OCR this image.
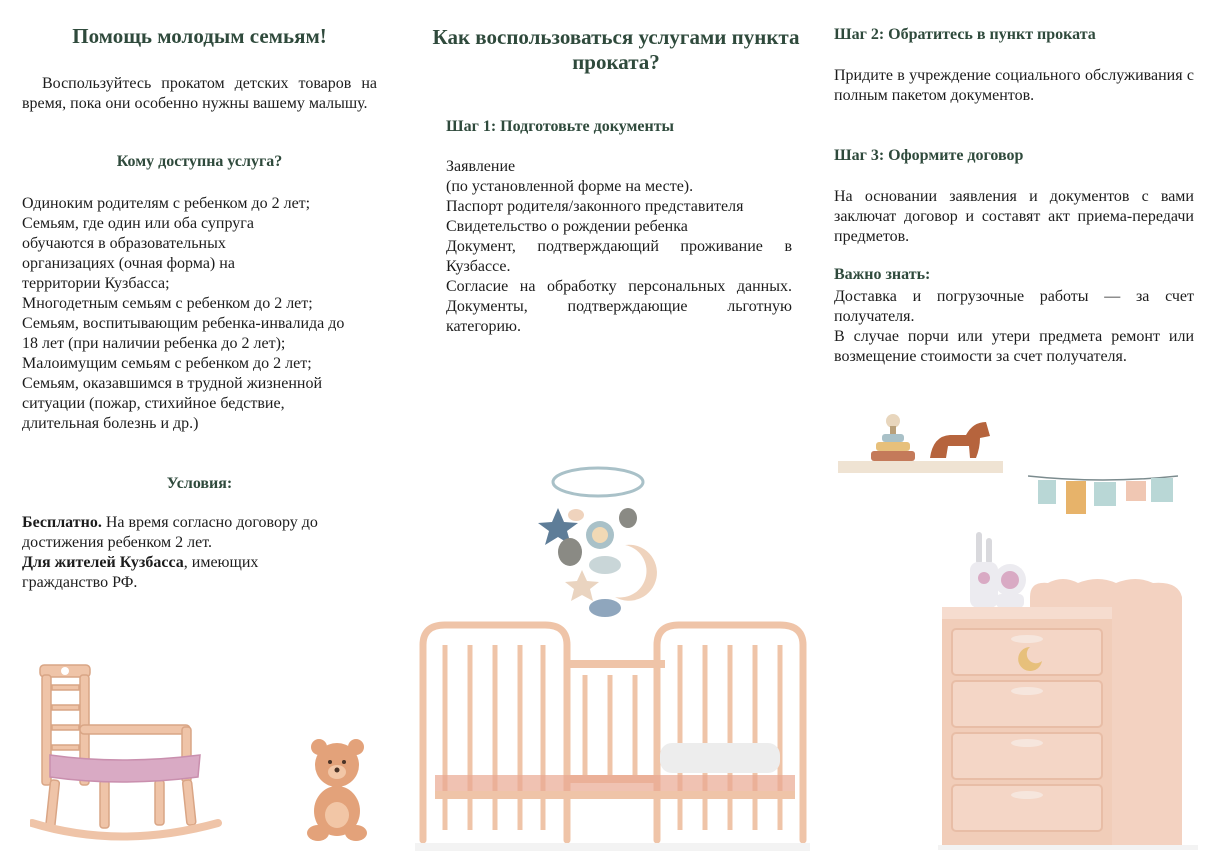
Помощь молодым семьям!

Воспользуйтесь прокатом детских товаров на время, пока они особенно нужны вашему малышу.

Кому доступна услуга?
Одиноким родителям с ребенком до 2 лет;
Семьям, где один или оба супруга обучаются в образовательных организациях (очная форма) на территории Кузбасса;
Многодетным семьям с ребенком до 2 лет;
Семьям, воспитывающим ребенка-инвалида до 18 лет (при наличии ребенка до 2 лет);
Малоимущим семьям с ребенком до 2 лет;
Семьям, оказавшимся в трудной жизненной ситуации (пожар, стихийное бедствие, длительная болезнь и др.)
Условия:
Бесплатно. На время согласно договору до достижения ребенком 2 лет.
Для жителей Кузбасса, имеющих гражданство РФ.
Как воспользоваться услугами пункта проката?
Шаг 1: Подготовьте документы
Заявление
(по установленной форме на месте).
Паспорт родителя/законного представителя
Свидетельство о рождении ребенка
Документ, подтверждающий проживание в Кузбассе.
Согласие на обработку персональных данных. Документы, подтверждающие льготную категорию.
Шаг 2: Обратитесь в пункт проката

Придите в учреждение социального обслуживания с полным пакетом документов.

Шаг 3: Оформите договор

На основании заявления и документов с вами заключат договор и составят акт приема-передачи предметов.

Важно знать:
Доставка и погрузочные работы — за счет получателя.
В случае порчи или утери предмета ремонт или возмещение стоимости за счет получателя.
